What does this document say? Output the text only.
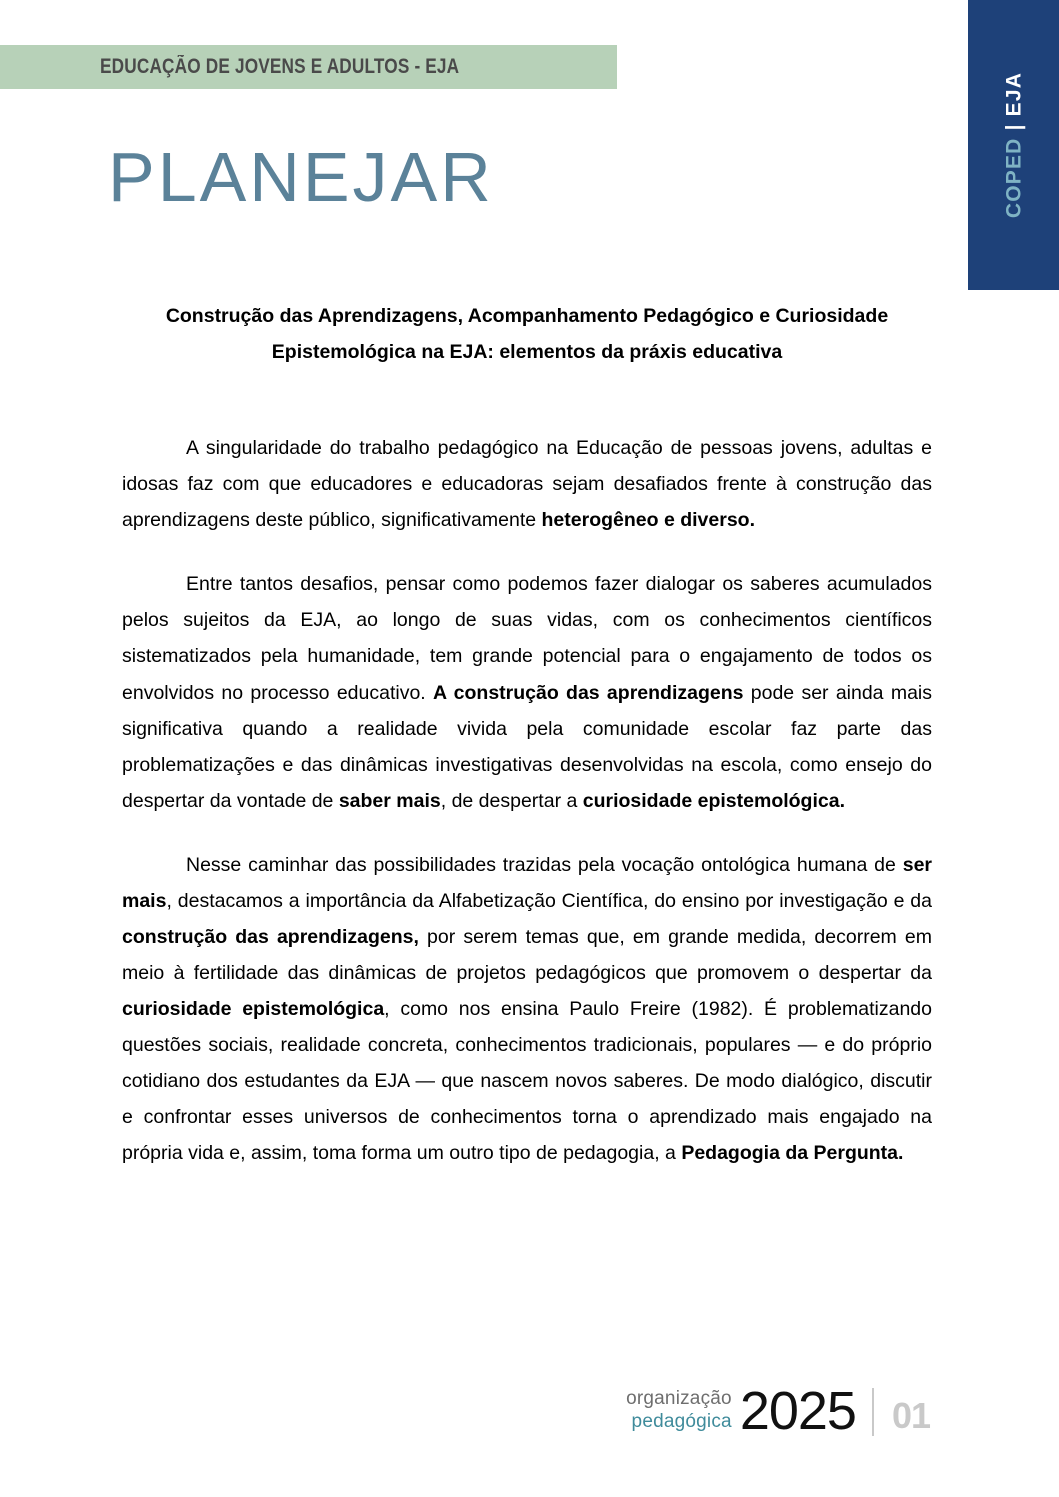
COPED | EJA
EDUCAÇÃO DE JOVENS E ADULTOS - EJA
PLANEJAR
Construção das Aprendizagens, Acompanhamento Pedagógico e Curiosidade Epistemológica na EJA: elementos da práxis educativa

A singularidade do trabalho pedagógico na Educação de pessoas jovens, adultas e idosas faz com que educadores e educadoras sejam desafiados frente à construção das aprendizagens deste público, significativamente heterogêneo e diverso.

Entre tantos desafios, pensar como podemos fazer dialogar os saberes acumulados pelos sujeitos da EJA, ao longo de suas vidas, com os conhecimentos científicos sistematizados pela humanidade, tem grande potencial para o engajamento de todos os envolvidos no processo educativo. A construção das aprendizagens pode ser ainda mais significativa quando a realidade vivida pela comunidade escolar faz parte das problematizações e das dinâmicas investigativas desenvolvidas na escola, como ensejo do despertar da vontade de saber mais, de despertar a curiosidade epistemológica.

Nesse caminhar das possibilidades trazidas pela vocação ontológica humana de ser mais, destacamos a importância da Alfabetização Científica, do ensino por investigação e da construção das aprendizagens, por serem temas que, em grande medida, decorrem em meio à fertilidade das dinâmicas de projetos pedagógicos que promovem o despertar da curiosidade epistemológica, como nos ensina Paulo Freire (1982). É problematizando questões sociais, realidade concreta, conhecimentos tradicionais, populares — e do próprio cotidiano dos estudantes da EJA — que nascem novos saberes. De modo dialógico, discutir e confrontar esses universos de conhecimentos torna o aprendizado mais engajado na própria vida e, assim, toma forma um outro tipo de pedagogia, a Pedagogia da Pergunta.

organização
pedagógica 2025 01
